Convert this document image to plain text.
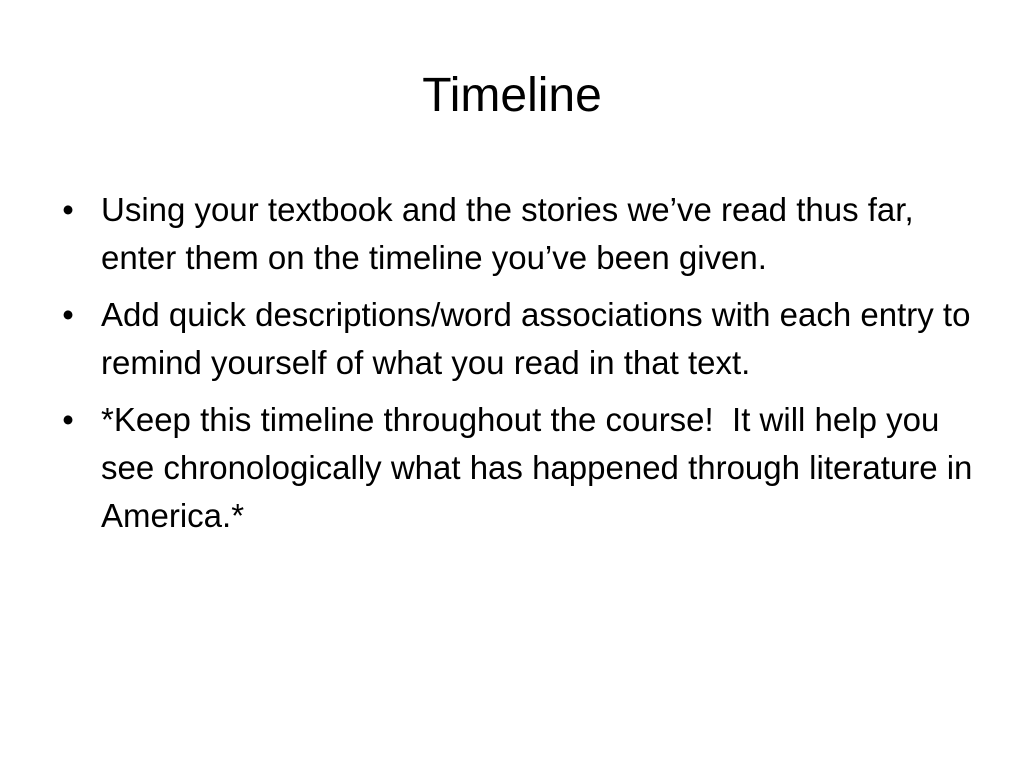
Timeline
• Using your textbook and the stories we’ve read thus far, enter them on the timeline you’ve been given.
• Add quick descriptions/word associations with each entry to remind yourself of what you read in that text.
• *Keep this timeline throughout the course!  It will help you see chronologically what has happened through literature in America.*
